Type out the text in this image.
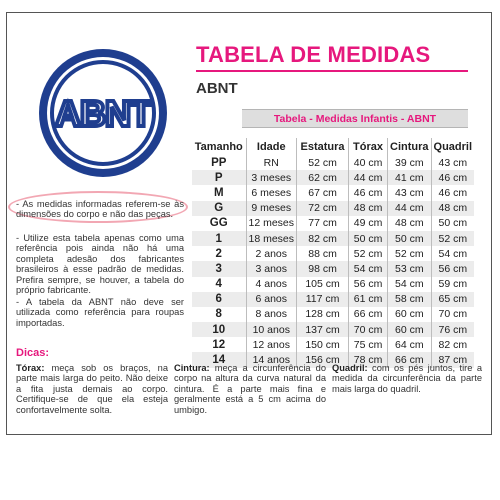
ABNT
TABELA DE MEDIDAS
ABNT
Tabela - Medidas Infantis - ABNT
Tamanho	Idade	Estatura	Tórax	Cintura	Quadril
PP	RN	52 cm	40 cm	39 cm	43 cm
P	3 meses	62 cm	44 cm	41 cm	46 cm
M	6 meses	67 cm	46 cm	43 cm	46 cm
G	9 meses	72 cm	48 cm	44 cm	48 cm
GG	12 meses	77 cm	49 cm	48 cm	50 cm
1	18 meses	82 cm	50 cm	50 cm	52 cm
2	2 anos	88 cm	52 cm	52 cm	54 cm
3	3 anos	98 cm	54 cm	53 cm	56 cm
4	4 anos	105 cm	56 cm	54 cm	59 cm
6	6 anos	117 cm	61 cm	58 cm	65 cm
8	8 anos	128 cm	66 cm	60 cm	70 cm
10	10 anos	137 cm	70 cm	60 cm	76 cm
12	12 anos	150 cm	75 cm	64 cm	82 cm
14	14 anos	156 cm	78 cm	66 cm	87 cm
- As medidas informadas referem-se às dimensões do corpo e não das peças.
- Utilize esta tabela apenas como uma referência pois ainda não há uma completa adesão dos fabricantes brasileiros à esse padrão de medidas. Prefira sempre, se houver, a tabela do próprio fabricante.
- A tabela da ABNT não deve ser utilizada como referência para roupas importadas.
Dicas:
Tórax: meça sob os braços, na parte mais larga do peito. Não deixe a fita justa demais ao corpo. Certifique-se de que ela esteja confortavelmente solta.
Cintura: meça a circunferência do corpo na altura da curva natural da cintura. É a parte mais fina e geralmente está a 5 cm acima do umbigo.
Quadril: com os pés juntos, tire a medida da circunferência da parte mais larga do quadril.
